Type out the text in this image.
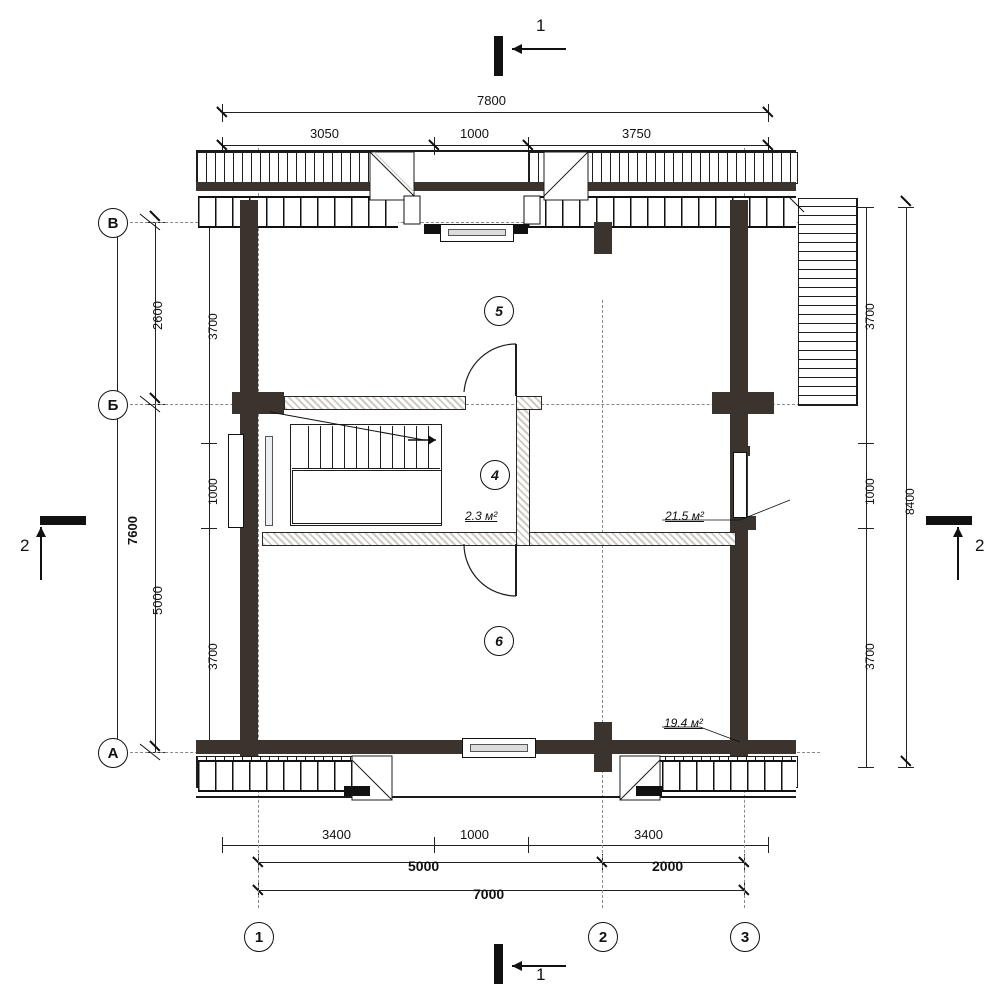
1
1
2	2
7800
3050	1000	3750
2600
5000
7600
3700
1000
3700
3700
1000
3700
8400
3400	1000	3400
5000	2000
7000
В
Б
А
1	2	3
5
4
6
2.3 м²	21.5 м²
19.4 м²
